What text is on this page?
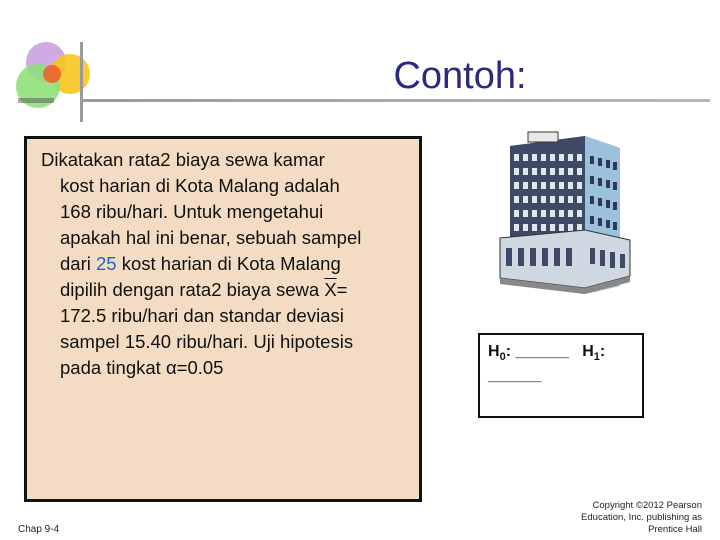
Contoh:
Dikatakan rata2 biaya sewa kamar
kost harian di Kota Malang adalah
168 ribu/hari. Untuk mengetahui
apakah hal ini benar, sebuah sampel
dari 25 kost harian di Kota Malang
dipilih dengan rata2 biaya sewa $\overline{X}=$
172.5 ribu/hari dan standar deviasi
sampel 15.40 ribu/hari. Uji hipotesis
pada tingkat α=0.05
$H_0$: ______ $H_1$:
______
Chap 9-4
Copyright ©2012 Pearson
Education, Inc. publishing as
Prentice Hall
